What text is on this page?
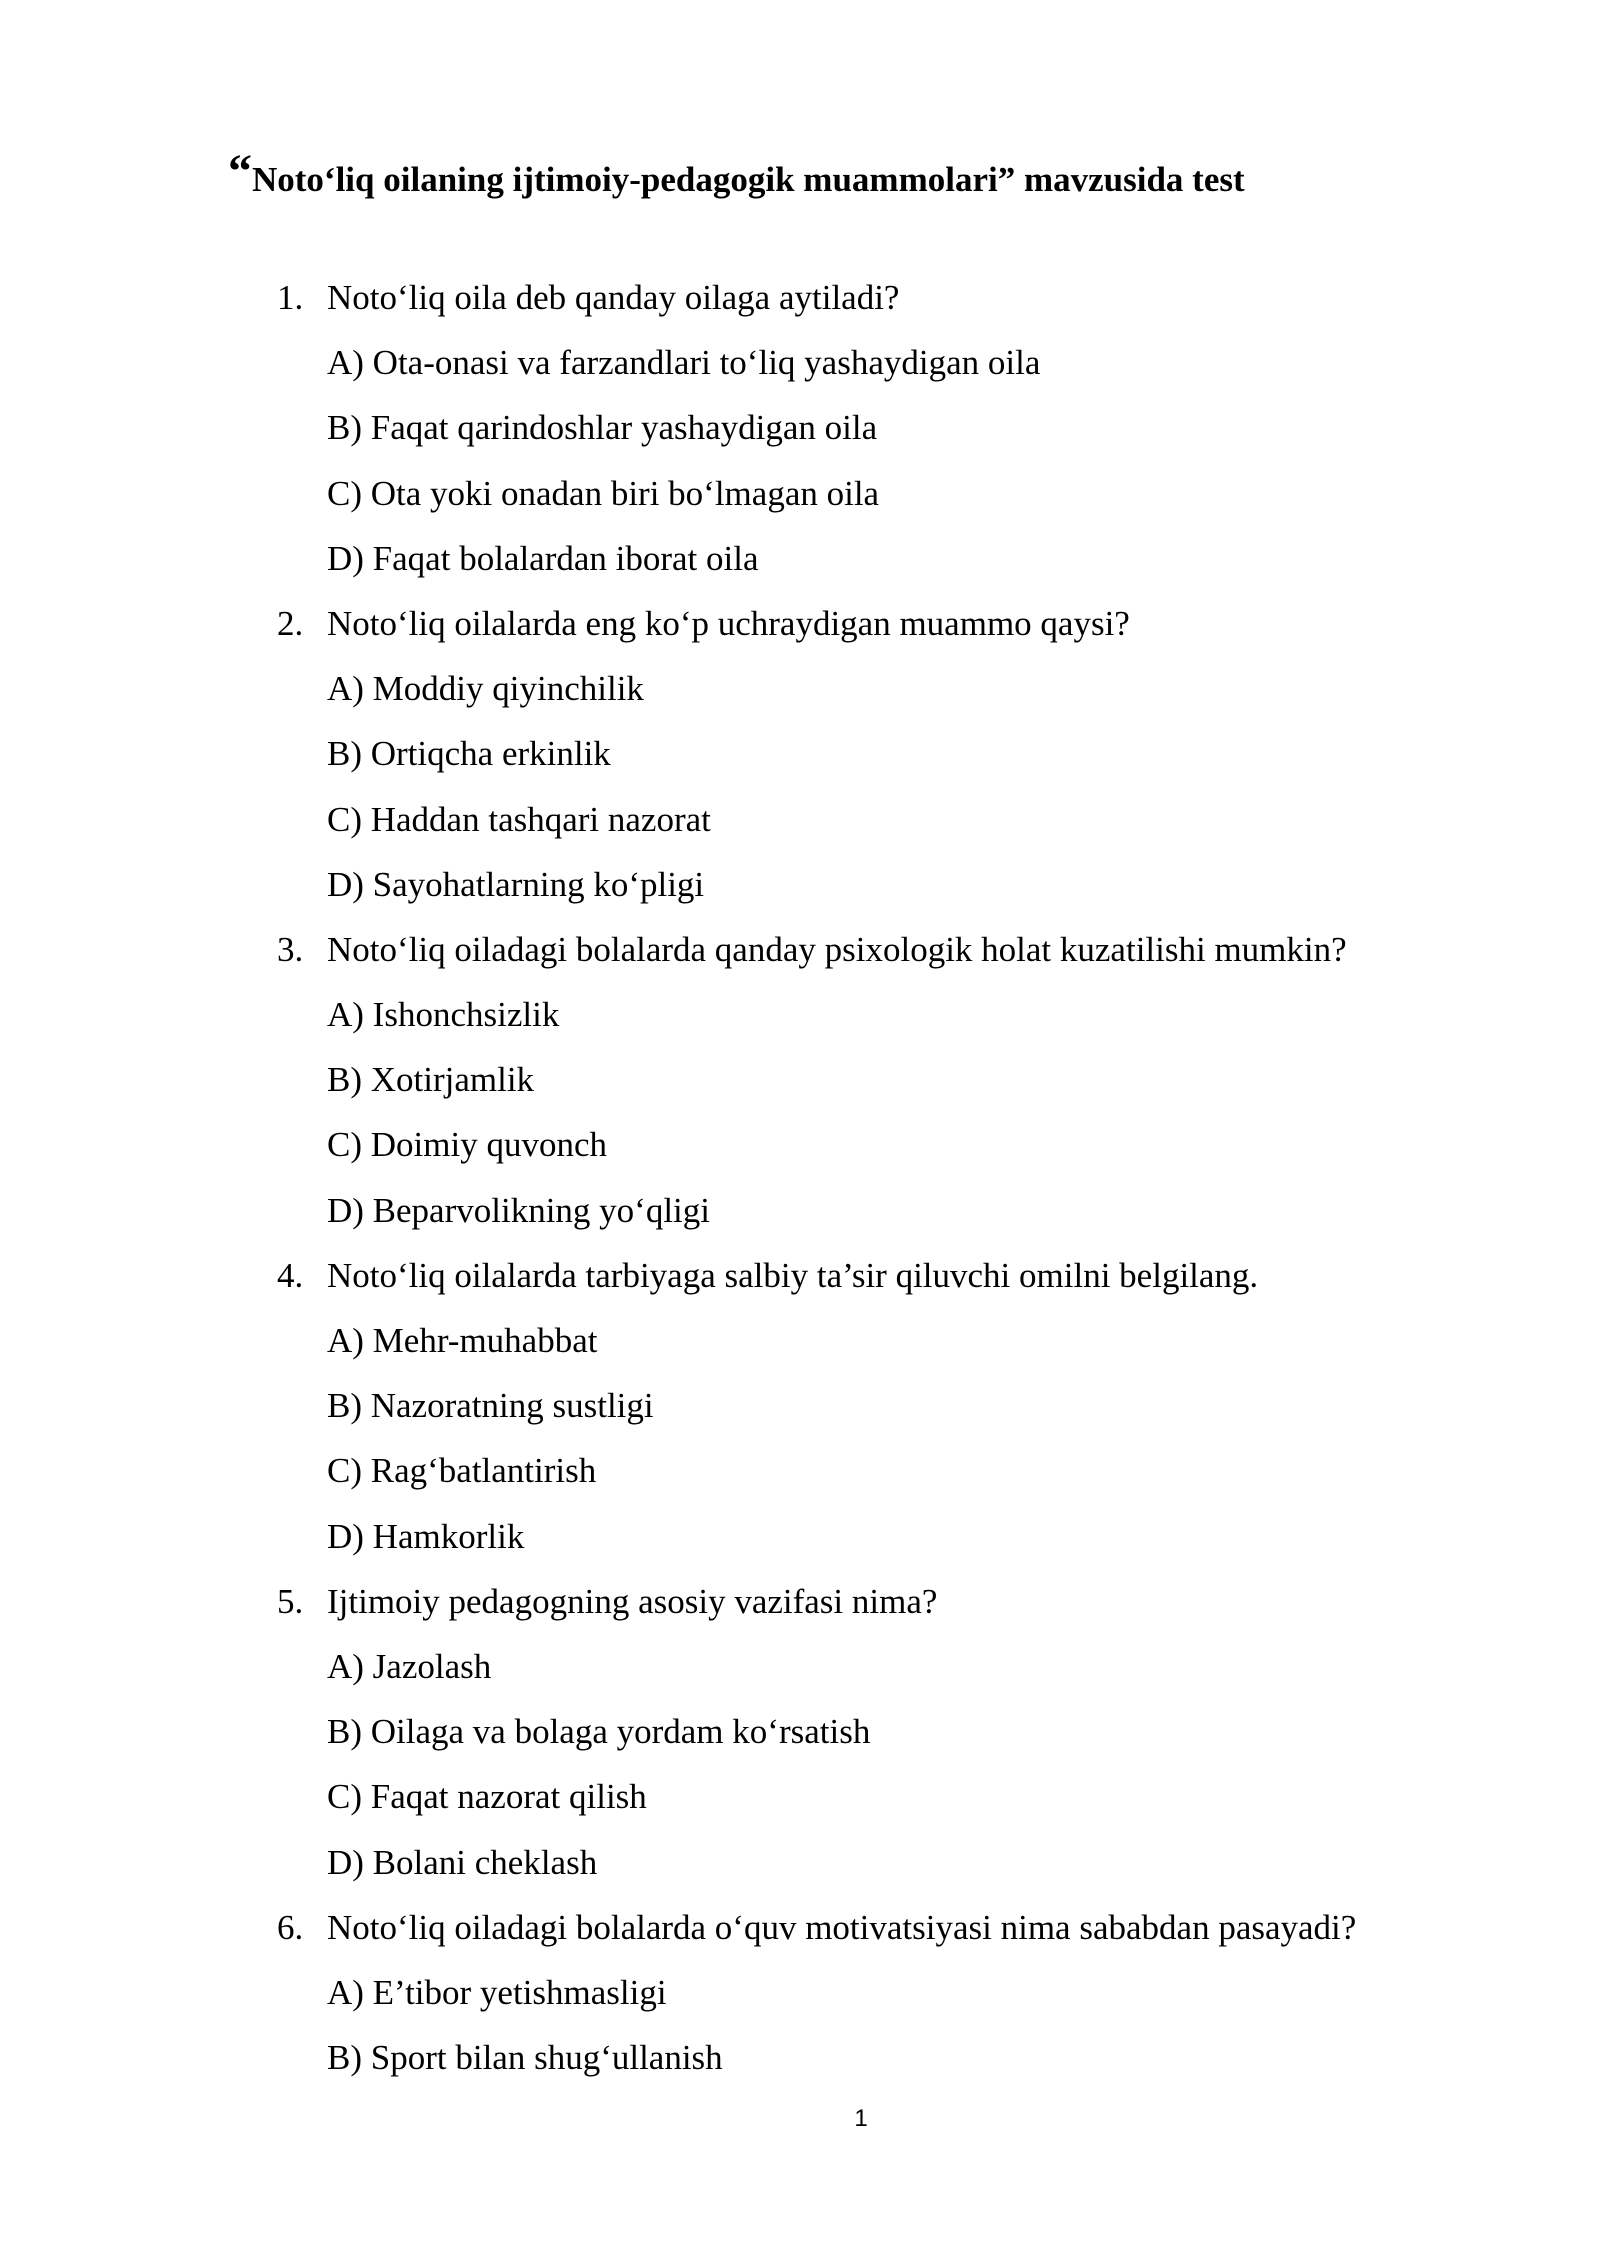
“Noto‘liq oilaning ijtimoiy-pedagogik muammolari” mavzusida test
1. Noto‘liq oila deb qanday oilaga aytiladi?
A) Ota-onasi va farzandlari to‘liq yashaydigan oila
B) Faqat qarindoshlar yashaydigan oila
C) Ota yoki onadan biri bo‘lmagan oila
D) Faqat bolalardan iborat oila
2. Noto‘liq oilalarda eng ko‘p uchraydigan muammo qaysi?
A) Moddiy qiyinchilik
B) Ortiqcha erkinlik
C) Haddan tashqari nazorat
D) Sayohatlarning ko‘pligi
3. Noto‘liq oiladagi bolalarda qanday psixologik holat kuzatilishi mumkin?
A) Ishonchsizlik
B) Xotirjamlik
C) Doimiy quvonch
D) Beparvolikning yo‘qligi
4. Noto‘liq oilalarda tarbiyaga salbiy ta’sir qiluvchi omilni belgilang.
A) Mehr-muhabbat
B) Nazoratning sustligi
C) Rag‘batlantirish
D) Hamkorlik
5. Ijtimoiy pedagogning asosiy vazifasi nima?
A) Jazolash
B) Oilaga va bolaga yordam ko‘rsatish
C) Faqat nazorat qilish
D) Bolani cheklash
6. Noto‘liq oiladagi bolalarda o‘quv motivatsiyasi nima sababdan pasayadi?
A) E’tibor yetishmasligi
B) Sport bilan shug‘ullanish
1
